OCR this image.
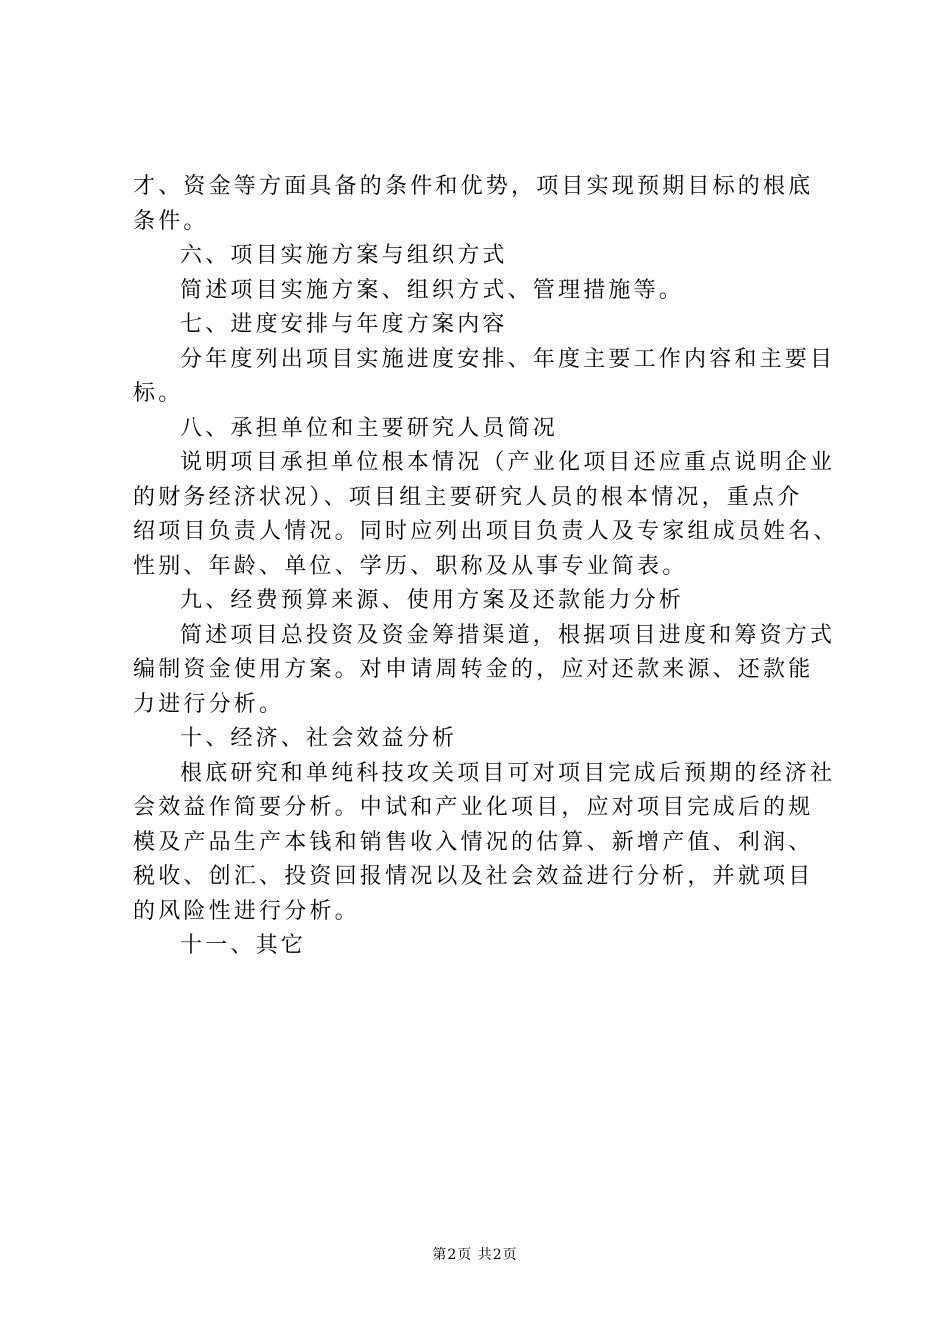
才、资金等方面具备的条件和优势，项目实现预期目标的根底
条件。
六、项目实施方案与组织方式
简述项目实施方案、组织方式、管理措施等。
七、进度安排与年度方案内容
分年度列出项目实施进度安排、年度主要工作内容和主要目
标。
八、承担单位和主要研究人员简况
说明项目承担单位根本情况（产业化项目还应重点说明企业
的财务经济状况）、项目组主要研究人员的根本情况，重点介
绍项目负责人情况。同时应列出项目负责人及专家组成员姓名、
性别、年龄、单位、学历、职称及从事专业简表。
九、经费预算来源、使用方案及还款能力分析
简述项目总投资及资金筹措渠道，根据项目进度和筹资方式
编制资金使用方案。对申请周转金的，应对还款来源、还款能
力进行分析。
十、经济、社会效益分析
根底研究和单纯科技攻关项目可对项目完成后预期的经济社
会效益作简要分析。中试和产业化项目，应对项目完成后的规
模及产品生产本钱和销售收入情况的估算、新增产值、利润、
税收、创汇、投资回报情况以及社会效益进行分析，并就项目
的风险性进行分析。
十一、其它
第2页 共2页
